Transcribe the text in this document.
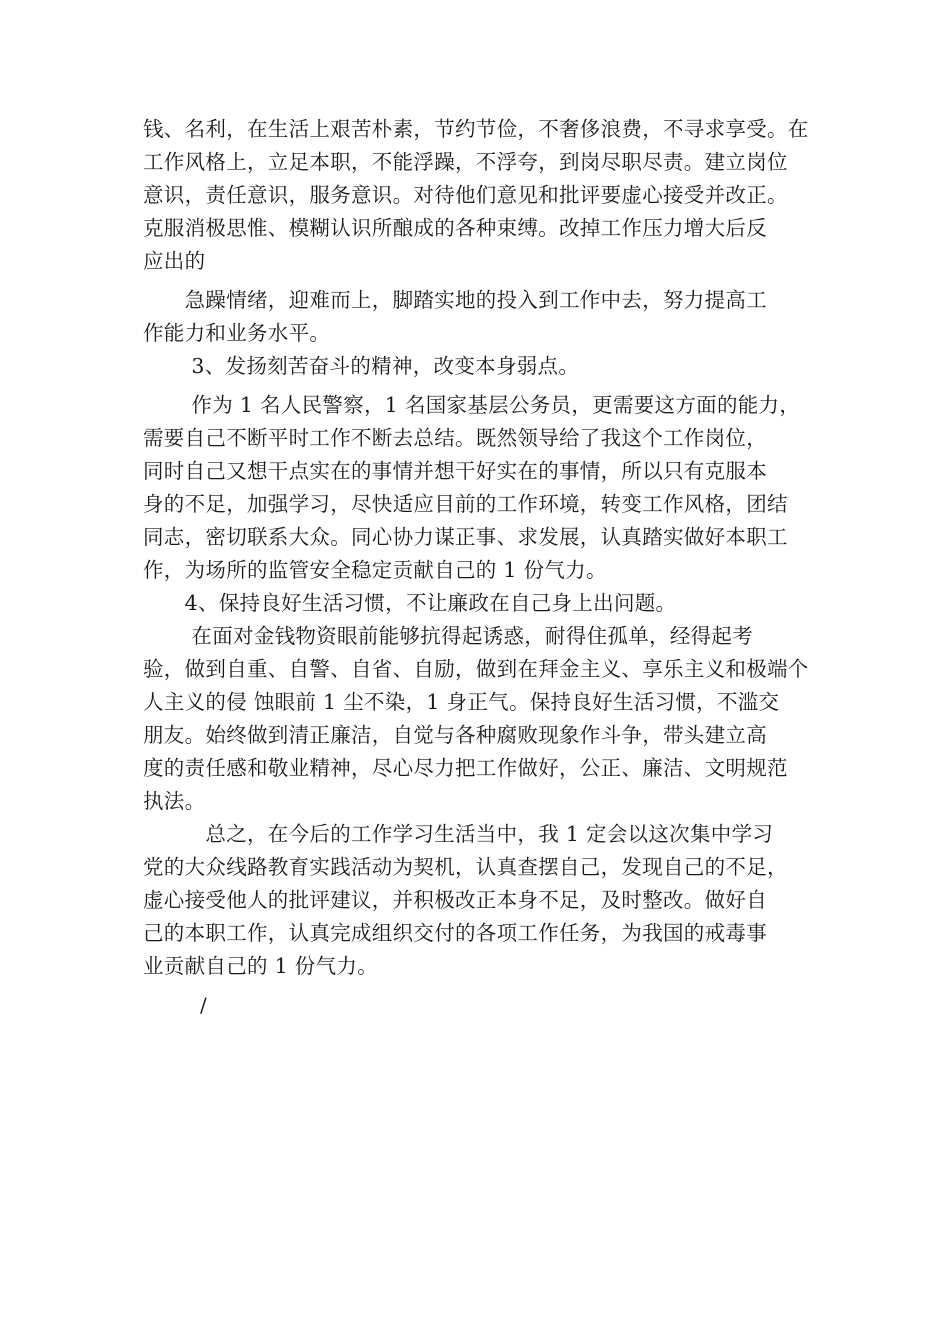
钱、名利，在生活上艰苦朴素，节约节俭，不奢侈浪费，不寻求享受。在
工作风格上，立足本职，不能浮躁，不浮夸，到岗尽职尽责。建立岗位
意识，责任意识，服务意识。对待他们意见和批评要虚心接受并改正。
克服消极思惟、模糊认识所酿成的各种束缚。改掉工作压力增大后反
应出的
　　急躁情绪，迎难而上，脚踏实地的投入到工作中去，努力提高工
作能力和业务水平。
　　 3、发扬刻苦奋斗的精神，改变本身弱点。
　　 作为 1 名人民警察，1 名国家基层公务员，更需要这方面的能力，
需要自己不断平时工作不断去总结。既然领导给了我这个工作岗位，
同时自己又想干点实在的事情并想干好实在的事情，所以只有克服本
身的不足，加强学习，尽快适应目前的工作环境，转变工作风格，团结
同志，密切联系大众。同心协力谋正事、求发展，认真踏实做好本职工
作，为场所的监管安全稳定贡献自己的 1 份气力。
　　4、保持良好生活习惯，不让廉政在自己身上出问题。
　　 在面对金钱物资眼前能够抗得起诱惑，耐得住孤单，经得起考
验，做到自重、自警、自省、自励，做到在拜金主义、享乐主义和极端个
人主义的侵 蚀眼前 1 尘不染，1 身正气。保持良好生活习惯，不滥交
朋友。始终做到清正廉洁，自觉与各种腐败现象作斗争，带头建立高
度的责任感和敬业精神，尽心尽力把工作做好，公正、廉洁、文明规范
执法。
　　　总之，在今后的工作学习生活当中，我 1 定会以这次集中学习
党的大众线路教育实践活动为契机，认真查摆自己，发现自己的不足，
虚心接受他人的批评建议，并积极改正本身不足，及时整改。做好自
己的本职工作，认真完成组织交付的各项工作任务，为我国的戒毒事
业贡献自己的 1 份气力。
/
